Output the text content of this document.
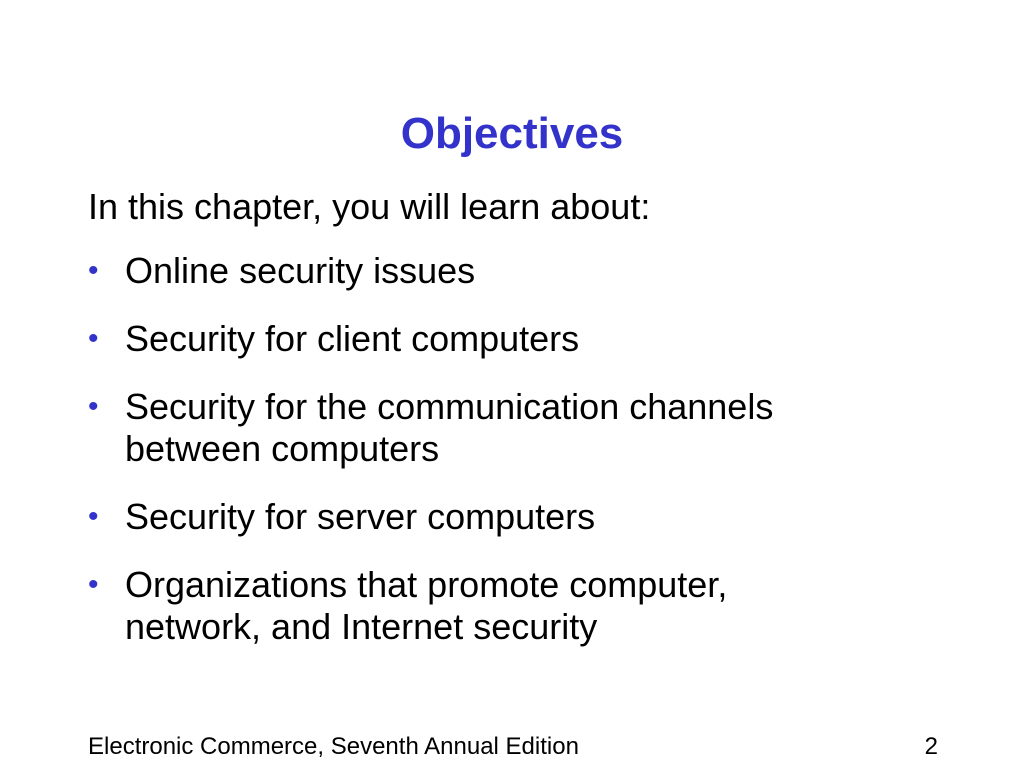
Objectives

In this chapter, you will learn about:

• Online security issues
• Security for client computers
• Security for the communication channels
between computers
• Security for server computers
• Organizations that promote computer,
network, and Internet security
Electronic Commerce, Seventh Annual Edition	2
